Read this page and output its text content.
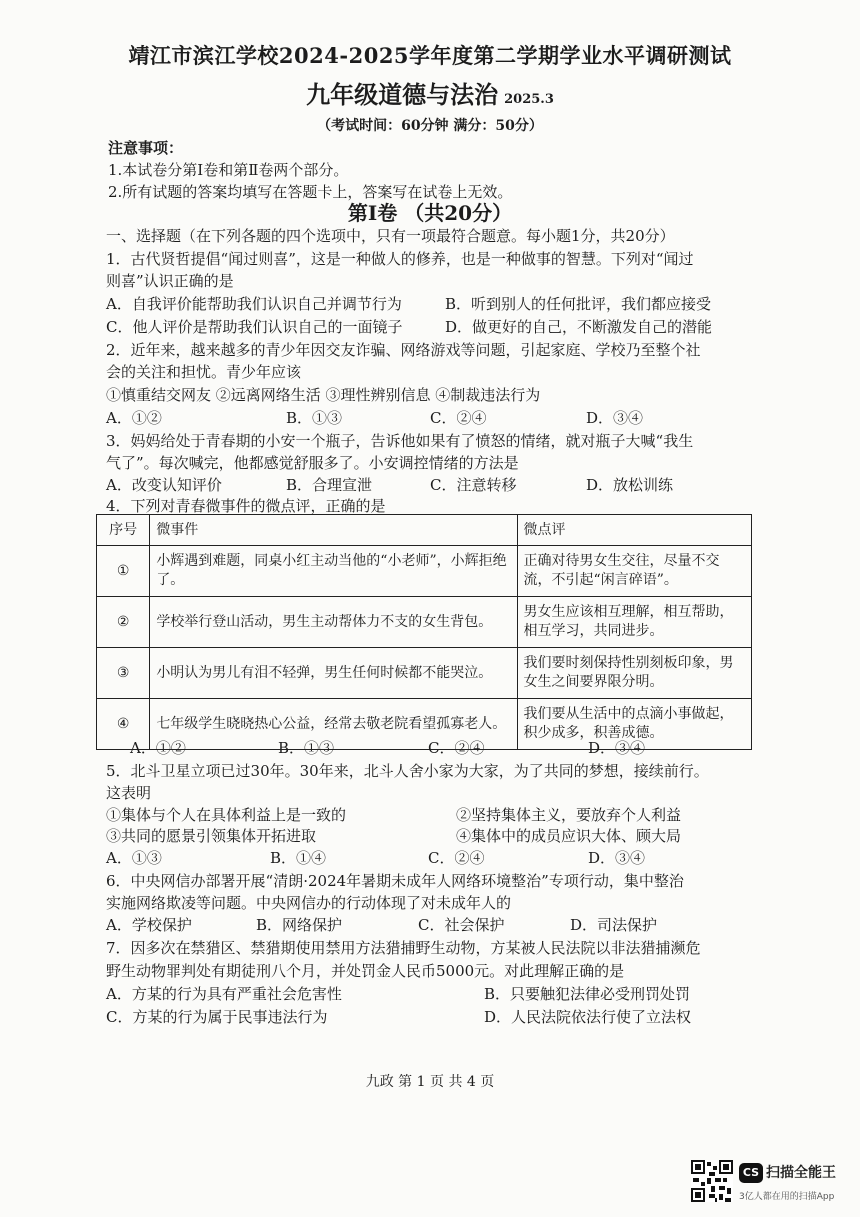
靖江市滨江学校2024-2025学年度第二学期学业水平调研测试
九年级道德与法治 2025.3
（考试时间：60分钟 满分：50分）
注意事项：
1.本试卷分第Ⅰ卷和第Ⅱ卷两个部分。
2.所有试题的答案均填写在答题卡上，答案写在试卷上无效。
第Ⅰ卷 （共20分）
一、选择题（在下列各题的四个选项中，只有一项最符合题意。每小题1分，共20分）
1．古代贤哲提倡“闻过则喜”，这是一种做人的修养，也是一种做事的智慧。下列对“闻过
则喜”认识正确的是
A．自我评价能帮助我们认识自己并调节行为	B．听到别人的任何批评，我们都应接受
C．他人评价是帮助我们认识自己的一面镜子	D．做更好的自己，不断激发自己的潜能
2．近年来，越来越多的青少年因交友诈骗、网络游戏等问题，引起家庭、学校乃至整个社
会的关注和担忧。青少年应该
①慎重结交网友 ②远离网络生活 ③理性辨别信息 ④制裁违法行为
A．①②	B．①③	C．②④	D．③④
3．妈妈给处于青春期的小安一个瓶子，告诉他如果有了愤怒的情绪，就对瓶子大喊“我生
气了”。每次喊完，他都感觉舒服多了。小安调控情绪的方法是
A．改变认知评价	B．合理宣泄	C．注意转移	D．放松训练
4．下列对青春微事件的微点评，正确的是
序号	微事件	微点评
①	小辉遇到难题，同桌小红主动当他的“小老师”，小辉拒绝了。	正确对待男女生交往，尽量不交流，不引起“闲言碎语”。
②	学校举行登山活动，男生主动帮体力不支的女生背包。	男女生应该相互理解，相互帮助，相互学习，共同进步。
③	小明认为男儿有泪不轻弹，男生任何时候都不能哭泣。	我们要时刻保持性别刻板印象，男女生之间要界限分明。
④	七年级学生晓晓热心公益，经常去敬老院看望孤寡老人。	我们要从生活中的点滴小事做起，积少成多，积善成德。
A．①②	B．①③	C．②④	D．③④
5．北斗卫星立项已过30年。30年来，北斗人舍小家为大家，为了共同的梦想，接续前行。
这表明
①集体与个人在具体利益上是一致的	②坚持集体主义，要放弃个人利益
③共同的愿景引领集体开拓进取	④集体中的成员应识大体、顾大局
A．①③	B．①④	C．②④	D．③④
6．中央网信办部署开展“清朗·2024年暑期未成年人网络环境整治”专项行动，集中整治
实施网络欺凌等问题。中央网信办的行动体现了对未成年人的
A．学校保护	B．网络保护	C．社会保护	D．司法保护
7．因多次在禁猎区、禁猎期使用禁用方法猎捕野生动物，方某被人民法院以非法猎捕濒危
野生动物罪判处有期徒刑八个月，并处罚金人民币5000元。对此理解正确的是
A．方某的行为具有严重社会危害性	B．只要触犯法律必受刑罚处罚
C．方某的行为属于民事违法行为	D．人民法院依法行使了立法权
九政 第 1 页 共 4 页
CS 扫描全能王
3亿人都在用的扫描App
